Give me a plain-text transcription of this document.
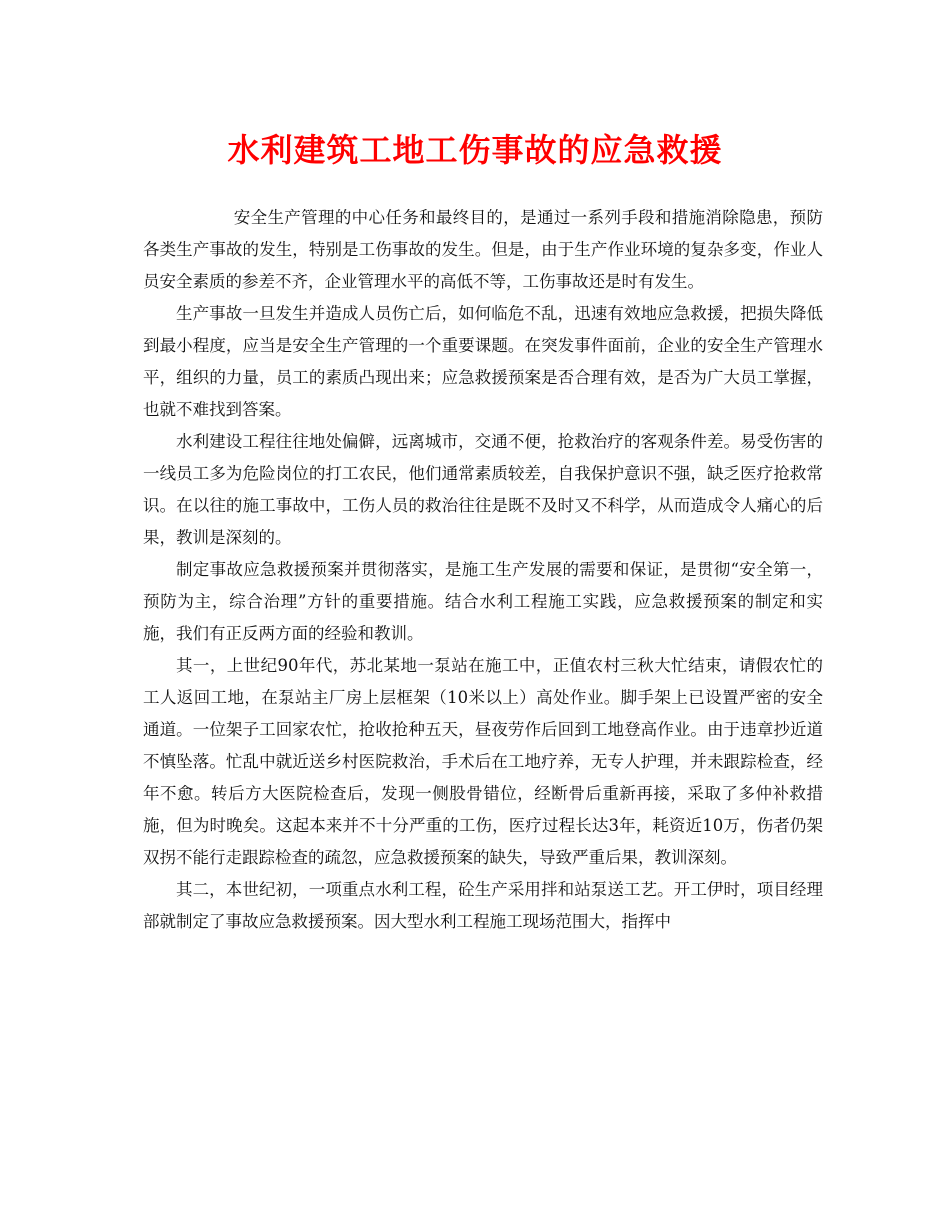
水利建筑工地工伤事故的应急救援

安全生产管理的中心任务和最终目的，是通过一系列手段和措施消除隐患，预防各类生产事故的发生，特别是工伤事故的发生。但是，由于生产作业环境的复杂多变，作业人员安全素质的参差不齐，企业管理水平的高低不等，工伤事故还是时有发生。

生产事故一旦发生并造成人员伤亡后，如何临危不乱，迅速有效地应急救援，把损失降低到最小程度，应当是安全生产管理的一个重要课题。在突发事件面前，企业的安全生产管理水平，组织的力量，员工的素质凸现出来；应急救援预案是否合理有效，是否为广大员工掌握，也就不难找到答案。

水利建设工程往往地处偏僻，远离城市，交通不便，抢救治疗的客观条件差。易受伤害的一线员工多为危险岗位的打工农民，他们通常素质较差，自我保护意识不强，缺乏医疗抢救常识。在以往的施工事故中，工伤人员的救治往往是既不及时又不科学，从而造成令人痛心的后果，教训是深刻的。

制定事故应急救援预案并贯彻落实，是施工生产发展的需要和保证，是贯彻“安全第一，预防为主，综合治理”方针的重要措施。结合水利工程施工实践，应急救援预案的制定和实施，我们有正反两方面的经验和教训。

其一，上世纪90年代，苏北某地一泵站在施工中，正值农村三秋大忙结束，请假农忙的工人返回工地，在泵站主厂房上层框架（10米以上）高处作业。脚手架上已设置严密的安全通道。一位架子工回家农忙，抢收抢种五天，昼夜劳作后回到工地登高作业。由于违章抄近道不慎坠落。忙乱中就近送乡村医院救治，手术后在工地疗养，无专人护理，并未跟踪检查，经年不愈。转后方大医院检查后，发现一侧股骨错位，经断骨后重新再接，采取了多仲补救措施，但为时晚矣。这起本来并不十分严重的工伤，医疗过程长达3年，耗资近10万，伤者仍架双拐不能行走跟踪检查的疏忽，应急救援预案的缺失，导致严重后果，教训深刻。

其二，本世纪初，一项重点水利工程，砼生产采用拌和站泵送工艺。开工伊时，项目经理部就制定了事故应急救援预案。因大型水利工程施工现场范围大，指挥中
